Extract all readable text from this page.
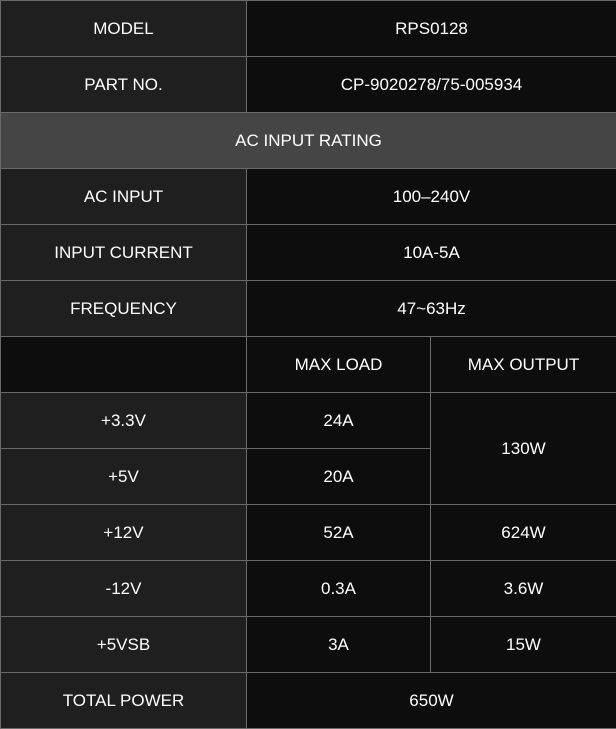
MODEL	RPS0128	
PART NO.	CP-9020278/75-005934	
AC INPUT RATING		
AC INPUT	100–240V	
INPUT CURRENT	10A-5A	
FREQUENCY	47~63Hz	
	MAX LOAD	MAX OUTPUT
+3.3V	24A	130W
+5V	20A	
+12V	52A	624W
-12V	0.3A	3.6W
+5VSB	3A	15W
TOTAL POWER	650W	
